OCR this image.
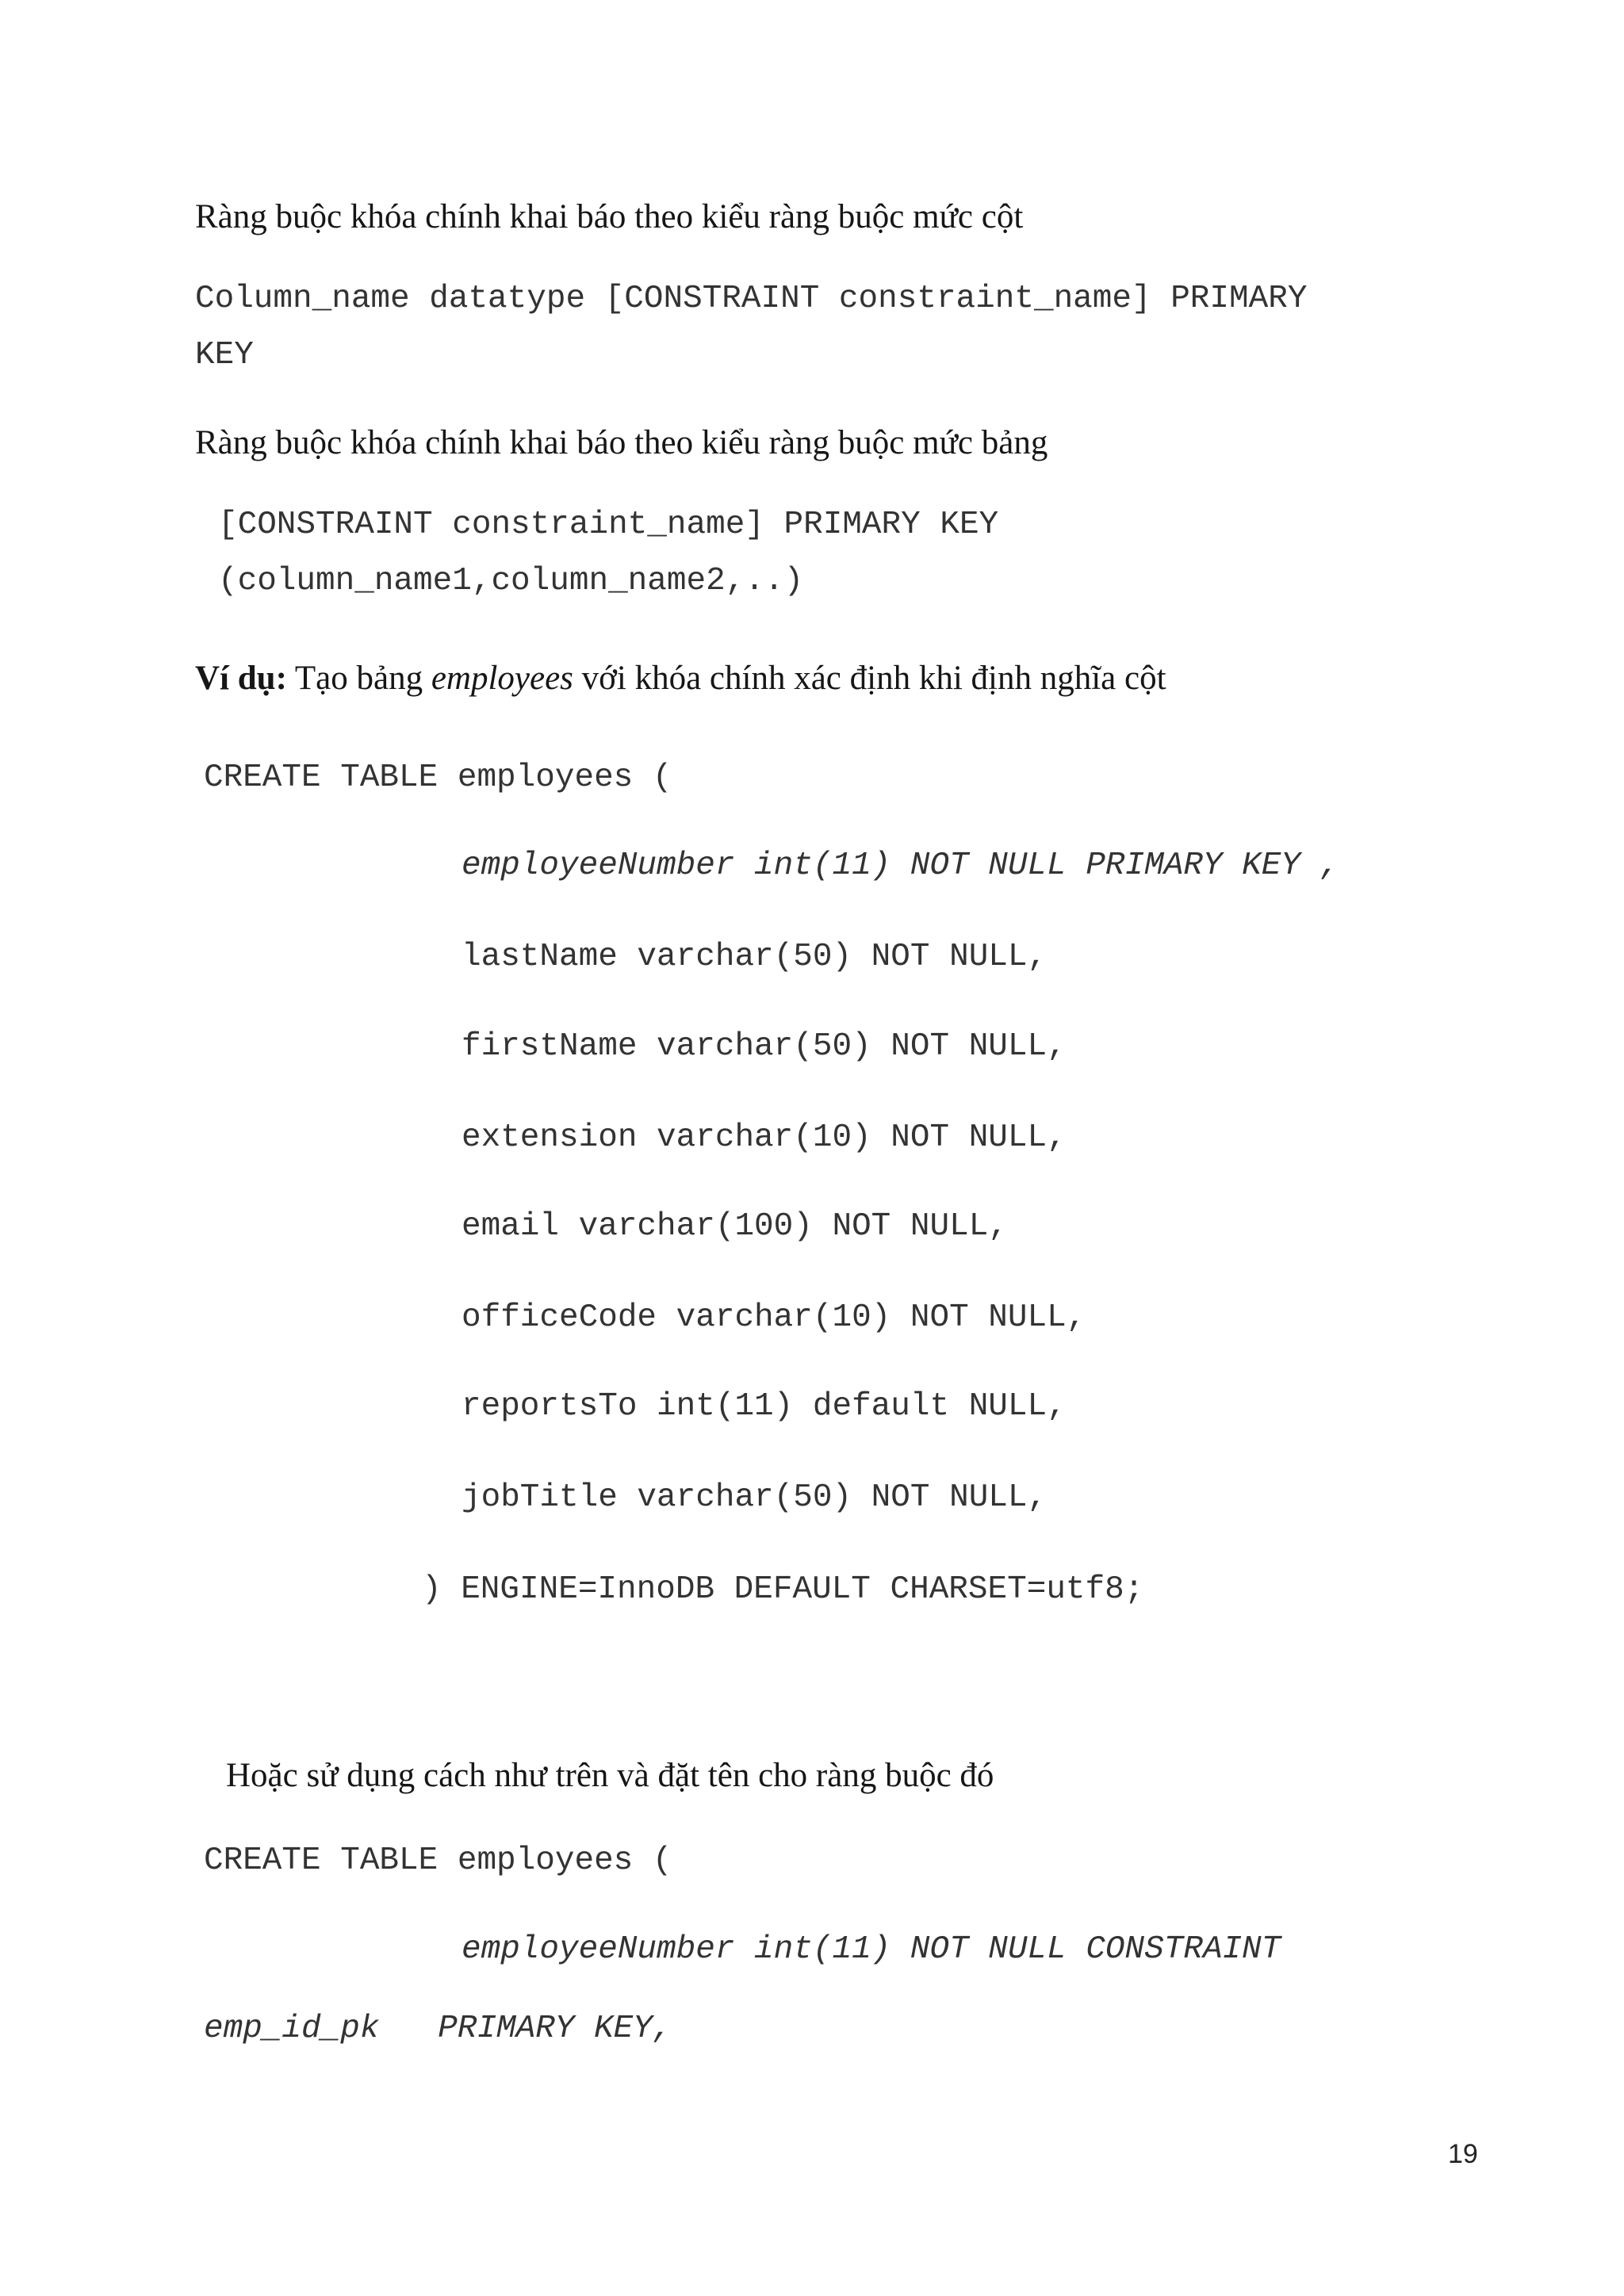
Ràng buộc khóa chính khai báo theo kiểu ràng buộc mức cột
Column_name datatype [CONSTRAINT constraint_name] PRIMARY
KEY
Ràng buộc khóa chính khai báo theo kiểu ràng buộc mức bảng
[CONSTRAINT constraint_name] PRIMARY KEY
(column_name1,column_name2,..)
Ví dụ: Tạo bảng employees với khóa chính xác định khi định nghĩa cột
CREATE TABLE employees (
employeeNumber int(11) NOT NULL PRIMARY KEY ,
lastName varchar(50) NOT NULL,
firstName varchar(50) NOT NULL,
extension varchar(10) NOT NULL,
email varchar(100) NOT NULL,
officeCode varchar(10) NOT NULL,
reportsTo int(11) default NULL,
jobTitle varchar(50) NOT NULL,
) ENGINE=InnoDB DEFAULT CHARSET=utf8;
Hoặc sử dụng cách như trên và đặt tên cho ràng buộc đó
CREATE TABLE employees (
employeeNumber int(11) NOT NULL CONSTRAINT
emp_id_pk   PRIMARY KEY,
19
